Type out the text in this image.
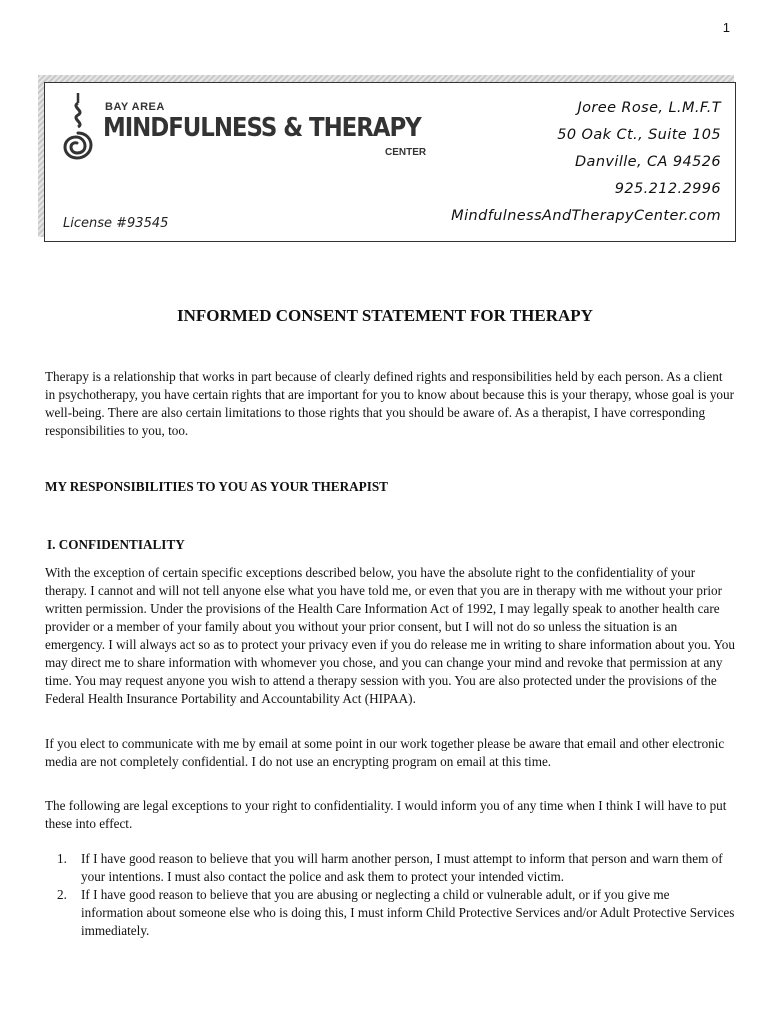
1
BAY AREA
MINDFULNESS & THERAPY
CENTER
License #93545
Joree Rose, L.M.F.T
50 Oak Ct., Suite 105
Danville, CA 94526
925.212.2996
MindfulnessAndTherapyCenter.com
INFORMED CONSENT STATEMENT FOR THERAPY

Therapy is a relationship that works in part because of clearly defined rights and responsibilities held by each person. As a client in psychotherapy, you have certain rights that are important for you to know about because this is your therapy, whose goal is your well-being. There are also certain limitations to those rights that you should be aware of. As a therapist, I have corresponding responsibilities to you, too.

MY RESPONSIBILITIES TO YOU AS YOUR THERAPIST
I. CONFIDENTIALITY

With the exception of certain specific exceptions described below, you have the absolute right to the confidentiality of your therapy. I cannot and will not tell anyone else what you have told me, or even that you are in therapy with me without your prior written permission. Under the provisions of the Health Care Information Act of 1992, I may legally speak to another health care provider or a member of your family about you without your prior consent, but I will not do so unless the situation is an emergency. I will always act so as to protect your privacy even if you do release me in writing to share information about you. You may direct me to share information with whomever you chose, and you can change your mind and revoke that permission at any time. You may request anyone you wish to attend a therapy session with you. You are also protected under the provisions of the Federal Health Insurance Portability and Accountability Act (HIPAA).

If you elect to communicate with me by email at some point in our work together please be aware that email and other electronic media are not completely confidential. I do not use an encrypting program on email at this time.

The following are legal exceptions to your right to confidentiality. I would inform you of any time when I think I will have to put these into effect.

1. If I have good reason to believe that you will harm another person, I must attempt to inform that person and warn them of your intentions. I must also contact the police and ask them to protect your intended victim.
2. If I have good reason to believe that you are abusing or neglecting a child or vulnerable adult, or if you give me information about someone else who is doing this, I must inform Child Protective Services and/or Adult Protective Services immediately.
